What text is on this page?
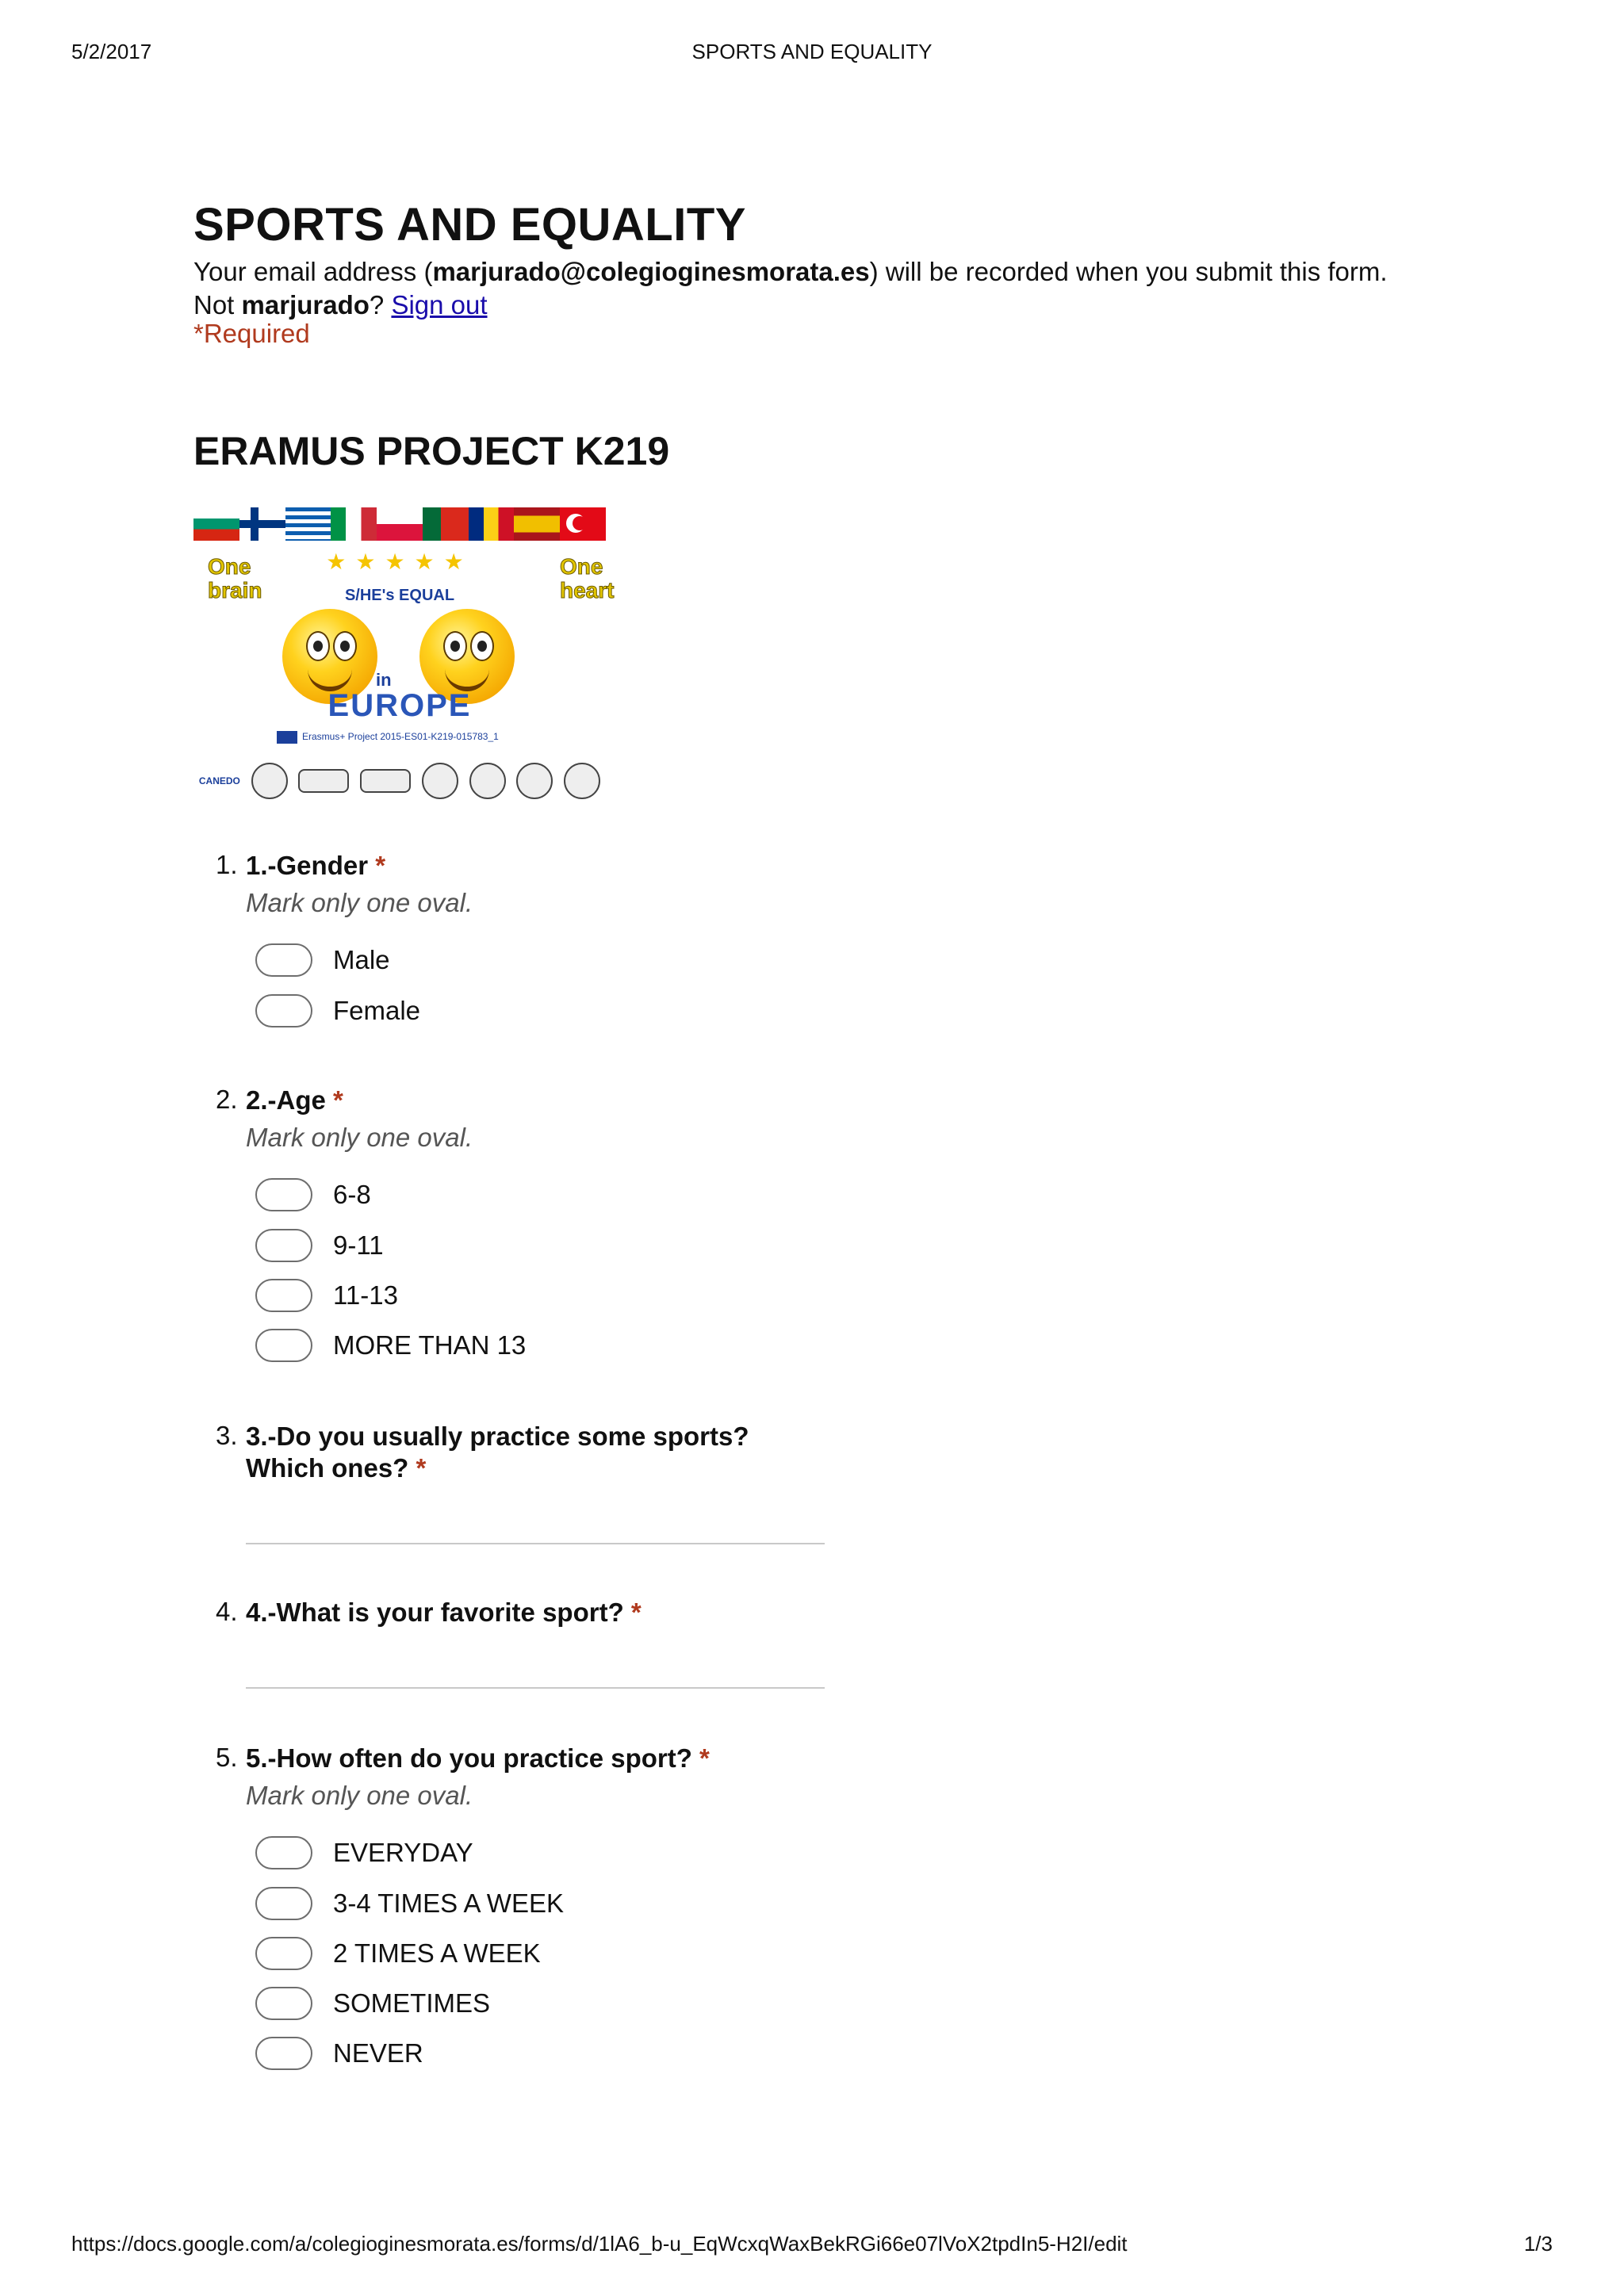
5/2/2017	SPORTS AND EQUALITY
SPORTS AND EQUALITY
Your email address (marjurado@colegioginesmorata.es) will be recorded when you submit this form. Not marjurado? Sign out
*Required
ERAMUS PROJECT K219
One brain
One heart
★★★★★
S/HE's EQUAL
in
EUROPE
Erasmus+ Project 2015-ES01-K219-015783_1
CANEDO
1. 1.-Gender *
Mark only one oval.
Male
Female
2. 2.-Age *
Mark only one oval.
6-8
9-11
11-13
MORE THAN 13
3. 3.-Do you usually practice some sports?
Which ones? *
4. 4.-What is your favorite sport? *
5. 5.-How often do you practice sport? *
Mark only one oval.
EVERYDAY
3-4 TIMES A WEEK
2 TIMES A WEEK
SOMETIMES
NEVER
https://docs.google.com/a/colegioginesmorata.es/forms/d/1lA6_b-u_EqWcxqWaxBekRGi66e07lVoX2tpdIn5-H2I/edit	1/3
